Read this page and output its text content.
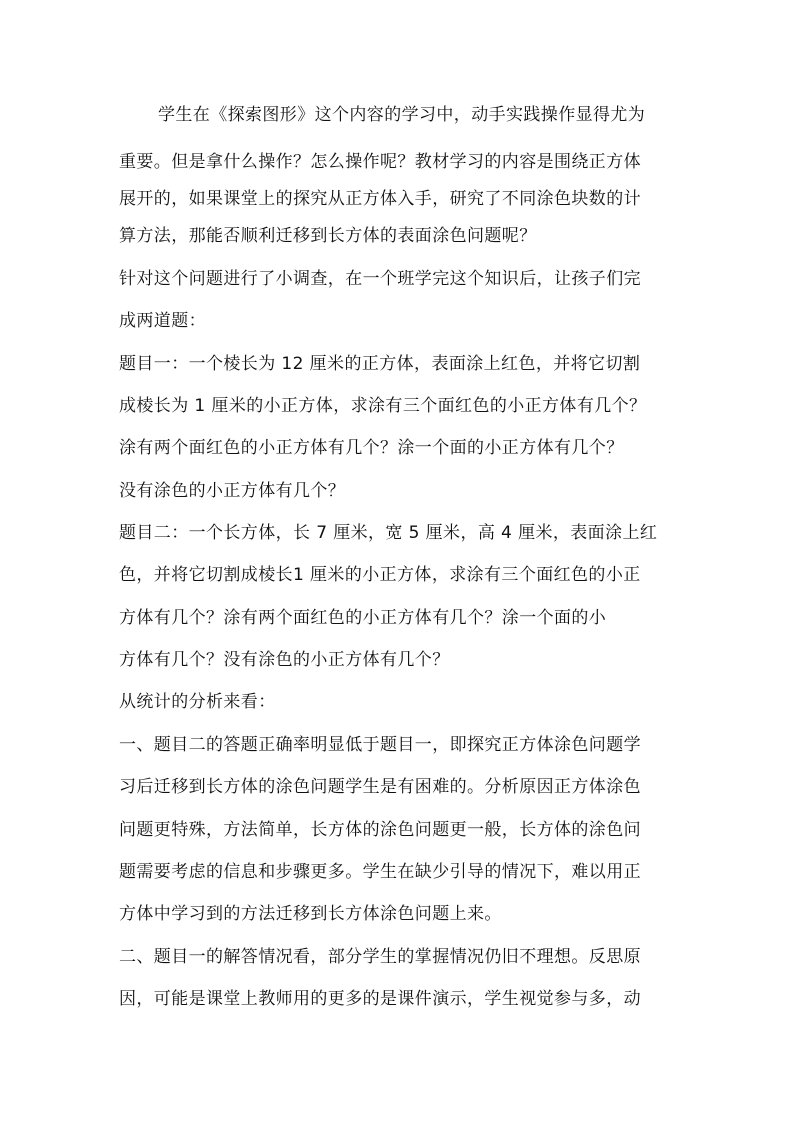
学生在《探索图形》这个内容的学习中，动手实践操作显得尤为

重要。但是拿什么操作？怎么操作呢？教材学习的内容是围绕正方体

展开的，如果课堂上的探究从正方体入手，研究了不同涂色块数的计

算方法，那能否顺利迁移到长方体的表面涂色问题呢？

针对这个问题进行了小调查，在一个班学完这个知识后，让孩子们完

成两道题：

题目一：一个棱长为 12 厘米的正方体，表面涂上红色，并将它切割

成棱长为 1 厘米的小正方体，求涂有三个面红色的小正方体有几个？

涂有两个面红色的小正方体有几个？涂一个面的小正方体有几个？

没有涂色的小正方体有几个？

题目二：一个长方体，长 7 厘米，宽 5 厘米，高 4 厘米，表面涂上红

色，并将它切割成棱长1 厘米的小正方体，求涂有三个面红色的小正

方体有几个？涂有两个面红色的小正方体有几个？涂一个面的小

方体有几个？没有涂色的小正方体有几个？

从统计的分析来看：

一、题目二的答题正确率明显低于题目一，即探究正方体涂色问题学

习后迁移到长方体的涂色问题学生是有困难的。分析原因正方体涂色

问题更特殊，方法简单，长方体的涂色问题更一般，长方体的涂色问

题需要考虑的信息和步骤更多。学生在缺少引导的情况下，难以用正

方体中学习到的方法迁移到长方体涂色问题上来。

二、题目一的解答情况看，部分学生的掌握情况仍旧不理想。反思原

因，可能是课堂上教师用的更多的是课件演示，学生视觉参与多，动
